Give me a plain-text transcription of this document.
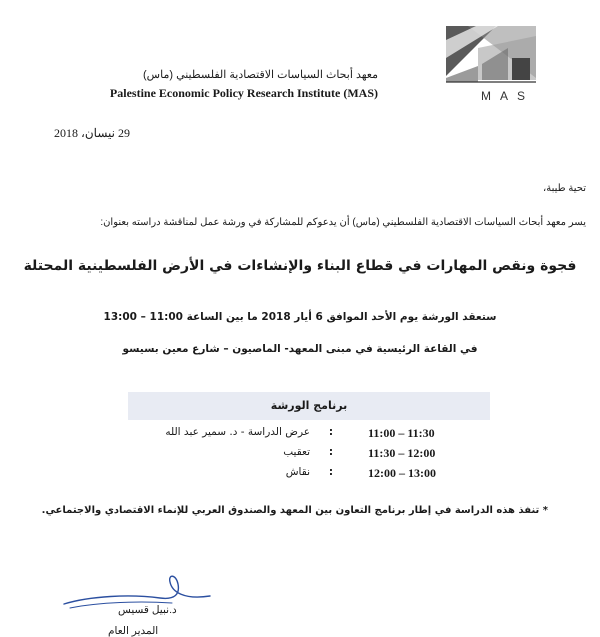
معهد أبحاث السياسات الاقتصادية الفلسطيني (ماس)
Palestine Economic Policy Research Institute (MAS)	MAS
29 نيسان، 2018
تحية طيبة،
يسر معهد أبحاث السياسات الاقتصادية الفلسطيني (ماس) أن يدعوكم للمشاركة في ورشة عمل لمناقشة دراسته بعنوان:
فجوة ونقص المهارات في قطاع البناء والإنشاءات في الأرض الفلسطينية المحتلة
ستعقد الورشة يوم الأحد الموافق 6 أيار 2018 ما بين الساعة 11:00 – 13:00
في القاعة الرئيسية في مبنى المعهد- الماصيون – شارع معين بسيسو
برنامج الورشة
11:00 – 11:30
:
عرض الدراسة - د. سمير عبد الله
11:30 – 12:00
:
تعقيب
12:00 – 13:00
:
نقاش
* تنفذ هذه الدراسة في إطار برنامج التعاون بين المعهد والصندوق العربي للإنماء الاقتصادي والاجتماعي.
د.نبيل قسيس
المدير العام
